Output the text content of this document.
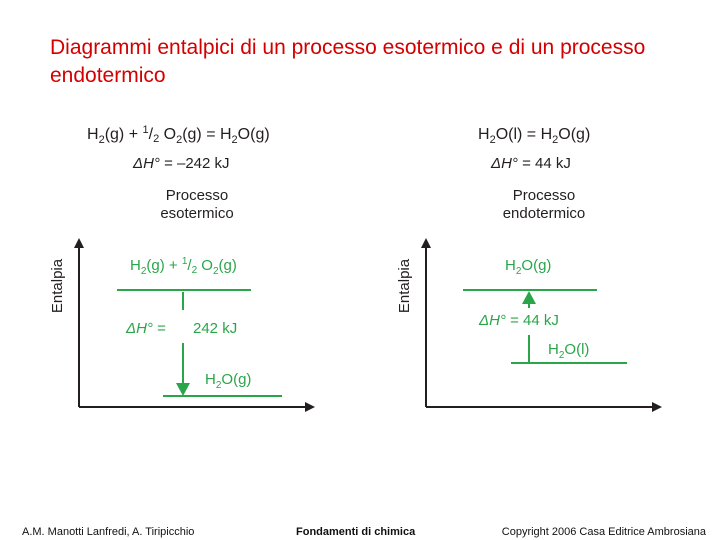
Diagrammi entalpici di un processo esotermico e di un processo endotermico
$H_2(g) + ^1/2$ $O_2(g) = H_2O(g)$
ΔH° = –242 kJ
Processo
esotermico
Entalpia	$H_2(g) + ^1/_2$ $O_2(g)$
ΔH° = 242 kJ
$H_2O(g)$
$H_2O(l) = H_2O(g)$
ΔH° = 44 kJ
Processo
endotermico
Entalpia	$H_2O(g)$
ΔH° = 44 kJ
$H_2O(l)$
A.M. Manotti Lanfredi, A. Tiripicchio	Fondamenti di chimica	Copyright 2006 Casa Editrice Ambrosiana
